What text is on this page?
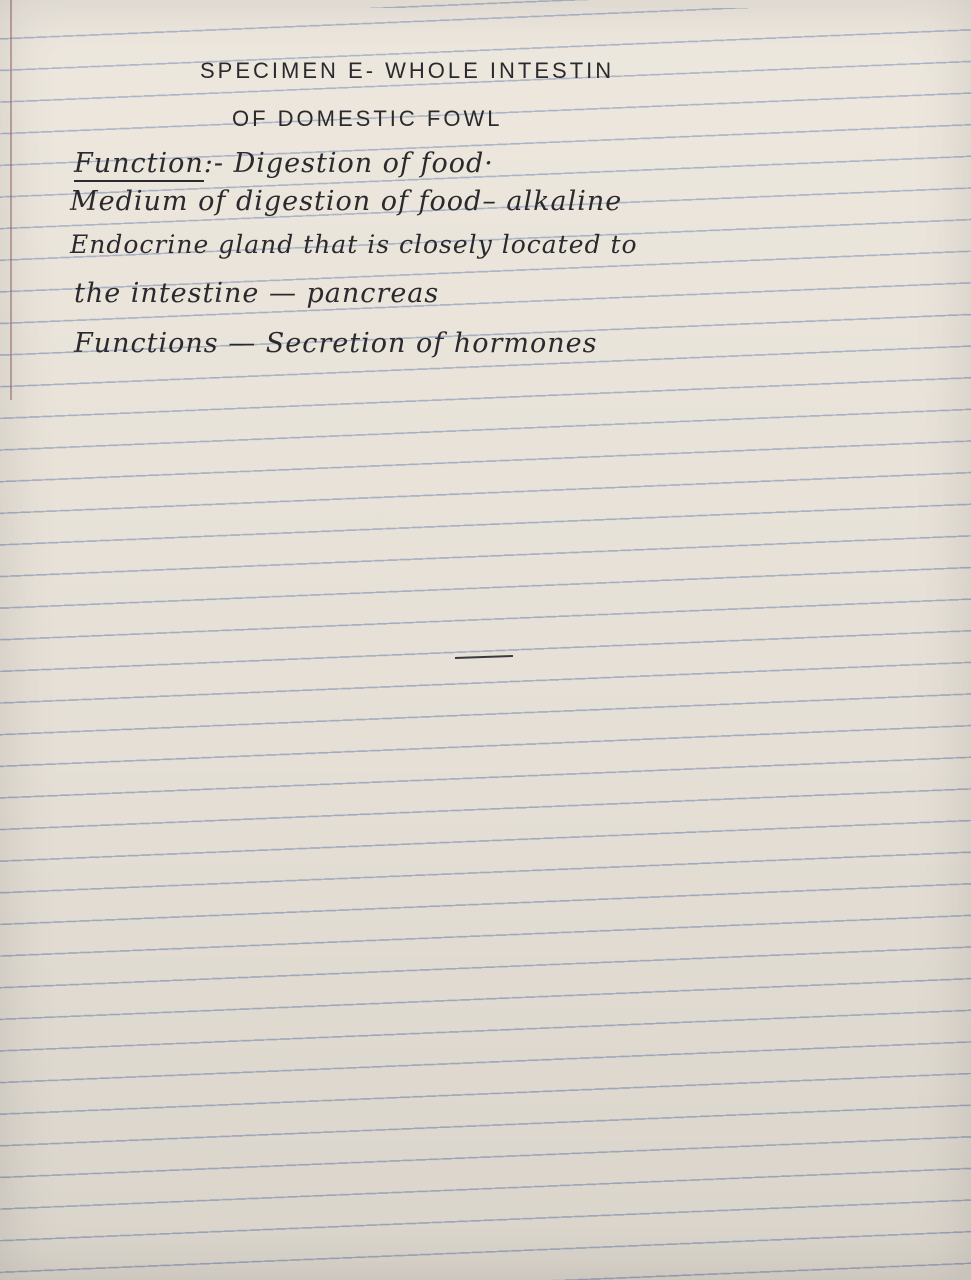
SPECIMEN E- WHOLE INTESTIN

OF DOMESTIC FOWL

Function:- Digestion of food·

Medium of digestion of food– alkaline

Endocrine gland that is closely located to

the intestine — pancreas

Functions — Secretion of hormones
